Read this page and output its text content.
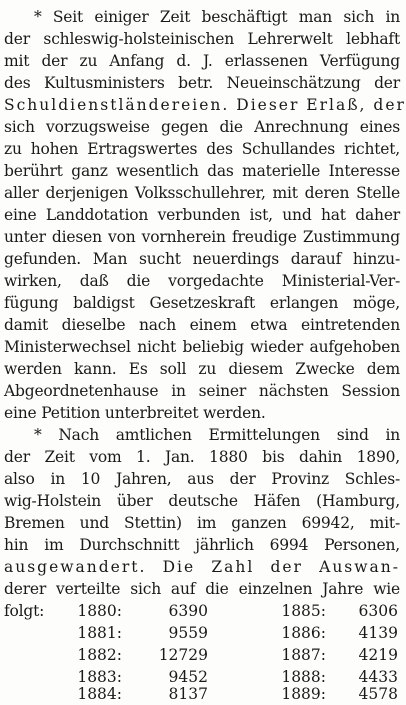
* Seit einiger Zeit beschäftigt man sich in
der schleswig-holsteinischen Lehrerwelt lebhaft
mit der zu Anfang d. J. erlassenen Verfügung
des Kultusministers betr. Neueinschätzung der
Schuldienstländereien. Dieser Erlaß, der
sich vorzugsweise gegen die Anrechnung eines
zu hohen Ertragswertes des Schullandes richtet,
berührt ganz wesentlich das materielle Interesse
aller derjenigen Volksschullehrer, mit deren Stelle
eine Landdotation verbunden ist, und hat daher
unter diesen von vornherein freudige Zustimmung
gefunden. Man sucht neuerdings darauf hinzu-
wirken, daß die vorgedachte Ministerial-Ver-
fügung baldigst Gesetzeskraft erlangen möge,
damit dieselbe nach einem etwa eintretenden
Ministerwechsel nicht beliebig wieder aufgehoben
werden kann. Es soll zu diesem Zwecke dem
Abgeordnetenhause in seiner nächsten Session
eine Petition unterbreitet werden.
* Nach amtlichen Ermittelungen sind in
der Zeit vom 1. Jan. 1880 bis dahin 1890,
also in 10 Jahren, aus der Provinz Schles-
wig-Holstein über deutsche Häfen (Hamburg,
Bremen und Stettin) im ganzen 69942, mit-
hin im Durchschnitt jährlich 6994 Personen,
ausgewandert. Die Zahl der Auswan-
derer verteilte sich auf die einzelnen Jahre wie
folgt:	1880:	6390	1885:	6306
1881:	9559	1886:	4139
1882:	12729	1887:	4219
1883:	9452	1888:	4433
1884:	8137	1889:	4578
